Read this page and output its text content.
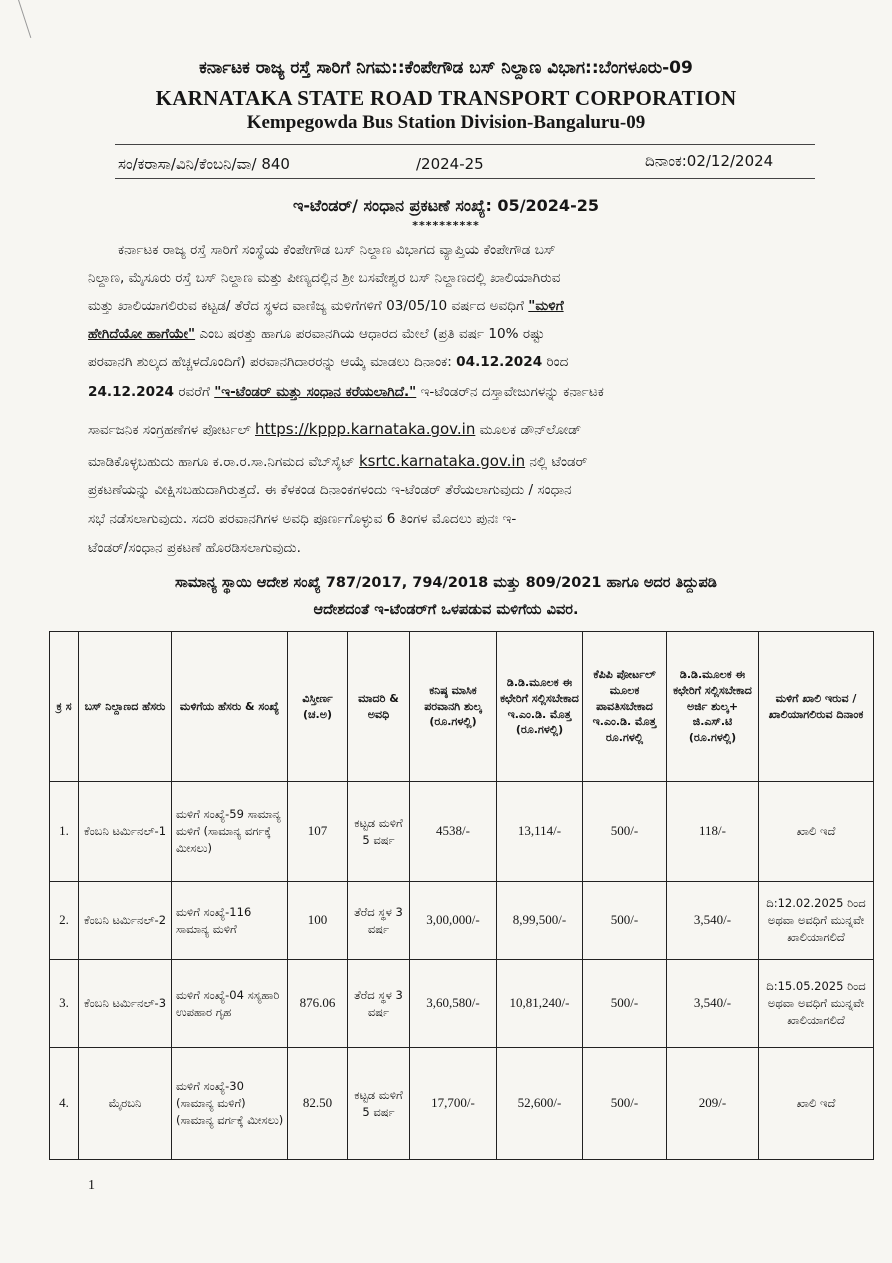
ಕರ್ನಾಟಕ ರಾಜ್ಯ ರಸ್ತೆ ಸಾರಿಗೆ ನಿಗಮ::ಕೆಂಪೇಗೌಡ ಬಸ್ ನಿಲ್ದಾಣ ವಿಭಾಗ::ಬೆಂಗಳೂರು-09
KARNATAKA STATE ROAD TRANSPORT CORPORATION
Kempegowda Bus Station Division-Bangaluru-09
ಸಂ/ಕರಾಸಾ/ವಿನಿ/ಕೆಂಬನಿ/ವಾ/ 840	/2024-25	ದಿನಾಂಕ:02/12/2024
ಇ-ಟೆಂಡರ್/ ಸಂಧಾನ ಪ್ರಕಟಣೆ ಸಂಖ್ಯೆ: 05/2024-25
**********
ಕರ್ನಾಟಕ ರಾಜ್ಯ ರಸ್ತೆ ಸಾರಿಗೆ ಸಂಸ್ಥೆಯ ಕೆಂಪೇಗೌಡ ಬಸ್ ನಿಲ್ದಾಣ ವಿಭಾಗದ ವ್ಯಾಪ್ತಿಯ ಕೆಂಪೇಗೌಡ ಬಸ್
ನಿಲ್ದಾಣ, ಮೈಸೂರು ರಸ್ತೆ ಬಸ್ ನಿಲ್ದಾಣ ಮತ್ತು ಪೀಣ್ಯದಲ್ಲಿನ ಶ್ರೀ ಬಸವೇಶ್ವರ ಬಸ್ ನಿಲ್ದಾಣದಲ್ಲಿ ಖಾಲಿಯಾಗಿರುವ
ಮತ್ತು ಖಾಲಿಯಾಗಲಿರುವ ಕಟ್ಟಡ/ ತೆರೆದ ಸ್ಥಳದ ವಾಣಿಜ್ಯ ಮಳಿಗೆಗಳಿಗೆ 03/05/10 ವರ್ಷದ ಅವಧಿಗೆ "ಮಳಿಗೆ
ಹೇಗಿದೆಯೋ ಹಾಗೆಯೇ" ಎಂಬ ಷರತ್ತು ಹಾಗೂ ಪರವಾನಗಿಯ ಆಧಾರದ ಮೇಲೆ (ಪ್ರತಿ ವರ್ಷ 10% ರಷ್ಟು
ಪರವಾನಗಿ ಶುಲ್ಕದ ಹೆಚ್ಚಳದೊಂದಿಗೆ) ಪರವಾನಗಿದಾರರನ್ನು ಆಯ್ಕೆ ಮಾಡಲು ದಿನಾಂಕ: 04.12.2024 ರಿಂದ
24.12.2024 ರವರೆಗೆ "ಇ-ಟೆಂಡರ್ ಮತ್ತು ಸಂಧಾನ ಕರೆಯಲಾಗಿದೆ." ಇ-ಟೆಂಡರ್‌ನ ದಸ್ತಾವೇಜುಗಳನ್ನು ಕರ್ನಾಟಕ
ಸಾರ್ವಜನಿಕ ಸಂಗ್ರಹಣೆಗಳ ಪೋರ್ಟಲ್ https://kppp.karnataka.gov.in ಮೂಲಕ ಡೌನ್‌ಲೋಡ್
ಮಾಡಿಕೊಳ್ಳಬಹುದು ಹಾಗೂ ಕ.ರಾ.ರ.ಸಾ.ನಿಗಮದ ವೆಬ್‌ಸೈಟ್ ksrtc.karnataka.gov.in ನಲ್ಲಿ ಟೆಂಡರ್
ಪ್ರಕಟಣೆಯನ್ನು ವೀಕ್ಷಿಸಬಹುದಾಗಿರುತ್ತದೆ. ಈ ಕೆಳಕಂಡ ದಿನಾಂಕಗಳಂದು ಇ-ಟೆಂಡರ್ ತೆರೆಯಲಾಗುವುದು / ಸಂಧಾನ
ಸಭೆ ನಡೆಸಲಾಗುವುದು. ಸದರಿ ಪರವಾನಗಿಗಳ ಅವಧಿ ಪೂರ್ಣಗೊಳ್ಳುವ 6 ತಿಂಗಳ ಮೊದಲು ಪುನಃ ಇ-
ಟೆಂಡರ್/ಸಂಧಾನ ಪ್ರಕಟಣೆ ಹೊರಡಿಸಲಾಗುವುದು.
ಸಾಮಾನ್ಯ ಸ್ಥಾಯಿ ಆದೇಶ ಸಂಖ್ಯೆ 787/2017, 794/2018 ಮತ್ತು 809/2021 ಹಾಗೂ ಅದರ ತಿದ್ದುಪಡಿ
ಆದೇಶದಂತೆ ಇ-ಟೆಂಡರ್‌ಗೆ ಒಳಪಡುವ ಮಳಿಗೆಯ ವಿವರ.
ಕ್ರ ಸ	ಬಸ್ ನಿಲ್ದಾಣದ ಹೆಸರು	ಮಳಿಗೆಯ ಹೆಸರು & ಸಂಖ್ಯೆ	ವಿಸ್ತೀರ್ಣ (ಚ.ಅ)	ಮಾದರಿ & ಅವಧಿ	ಕನಿಷ್ಠ ಮಾಸಿಕ ಪರವಾನಗಿ ಶುಲ್ಕ (ರೂ.ಗಳಲ್ಲಿ)	ಡಿ.ಡಿ.ಮೂಲಕ ಈ ಕಛೇರಿಗೆ ಸಲ್ಲಿಸಬೇಕಾದ ಇ.ಎಂ.ಡಿ. ಮೊತ್ತ (ರೂ.ಗಳಲ್ಲಿ)	ಕೆಪಿಪಿ ಪೋರ್ಟಲ್ ಮೂಲಕ ಪಾವತಿಸಬೇಕಾದ ಇ.ಎಂ.ಡಿ. ಮೊತ್ತ ರೂ.ಗಳಲ್ಲಿ	ಡಿ.ಡಿ.ಮೂಲಕ ಈ ಕಛೇರಿಗೆ ಸಲ್ಲಿಸಬೇಕಾದ ಅರ್ಜಿ ಶುಲ್ಕ+ ಜಿ.ಎಸ್.ಟಿ (ರೂ.ಗಳಲ್ಲಿ)	ಮಳಿಗೆ ಖಾಲಿ ಇರುವ / ಖಾಲಿಯಾಗಲಿರುವ ದಿನಾಂಕ
1.	ಕೆಂಬನಿ ಟರ್ಮಿನಲ್-1	ಮಳಿಗೆ ಸಂಖ್ಯೆ-59 ಸಾಮಾನ್ಯ ಮಳಿಗೆ (ಸಾಮಾನ್ಯ ವರ್ಗಕ್ಕೆ ಮೀಸಲು)	107	ಕಟ್ಟಡ ಮಳಿಗೆ 5 ವರ್ಷ	4538/-	13,114/-	500/-	118/-	ಖಾಲಿ ಇದೆ
2.	ಕೆಂಬನಿ ಟರ್ಮಿನಲ್-2	ಮಳಿಗೆ ಸಂಖ್ಯೆ-116 ಸಾಮಾನ್ಯ ಮಳಿಗೆ	100	ತೆರೆದ ಸ್ಥಳ 3 ವರ್ಷ	3,00,000/-	8,99,500/-	500/-	3,540/-	ದಿ:12.02.2025 ರಿಂದ ಅಥವಾ ಅವಧಿಗೆ ಮುನ್ನವೇ ಖಾಲಿಯಾಗಲಿದೆ
3.	ಕೆಂಬನಿ ಟರ್ಮಿನಲ್-3	ಮಳಿಗೆ ಸಂಖ್ಯೆ-04 ಸಸ್ಯಹಾರಿ ಉಪಹಾರ ಗೃಹ	876.06	ತೆರೆದ ಸ್ಥಳ 3 ವರ್ಷ	3,60,580/-	10,81,240/-	500/-	3,540/-	ದಿ:15.05.2025 ರಿಂದ ಅಥವಾ ಅವಧಿಗೆ ಮುನ್ನವೇ ಖಾಲಿಯಾಗಲಿದೆ
4.	ಮೈರಬನಿ	ಮಳಿಗೆ ಸಂಖ್ಯೆ-30 (ಸಾಮಾನ್ಯ ಮಳಿಗೆ) (ಸಾಮಾನ್ಯ ವರ್ಗಕ್ಕೆ ಮೀಸಲು)	82.50	ಕಟ್ಟಡ ಮಳಿಗೆ 5 ವರ್ಷ	17,700/-	52,600/-	500/-	209/-	ಖಾಲಿ ಇದೆ
1
